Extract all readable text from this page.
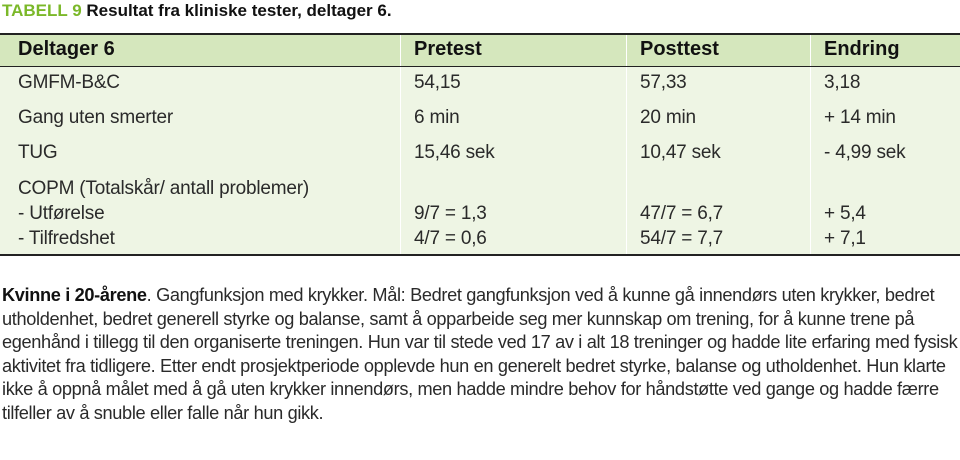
TABELL 9 Resultat fra kliniske tester, deltager 6.
Deltager 6	Pretest	Posttest	Endring
GMFM-B&C	54,15	57,33	3,18
Gang uten smerter	6 min	20 min	+ 14 min
TUG	15,46 sek	10,47 sek	- 4,99 sek
COPM (Totalskår/ antall problemer)
- Utførelse	9/7 = 1,3	47/7 = 6,7	+ 5,4
- Tilfredshet	4/7 = 0,6	54/7 = 7,7	+ 7,1
Kvinne i 20-årene. Gangfunksjon med krykker. Mål: Bedret gangfunksjon ved å kunne gå innendørs uten krykker, bedret utholdenhet, bedret generell styrke og balanse, samt å opparbeide seg mer kunnskap om trening, for å kunne trene på egenhånd i tillegg til den organiserte treningen. Hun var til stede ved 17 av i alt 18 treninger og hadde lite erfaring med fysisk aktivitet fra tidligere. Etter endt prosjektperiode opplevde hun en generelt bedret styrke, balanse og utholdenhet. Hun klarte ikke å oppnå målet med å gå uten krykker innendørs, men hadde mindre behov for håndstøtte ved gange og hadde færre tilfeller av å snuble eller falle når hun gikk.
